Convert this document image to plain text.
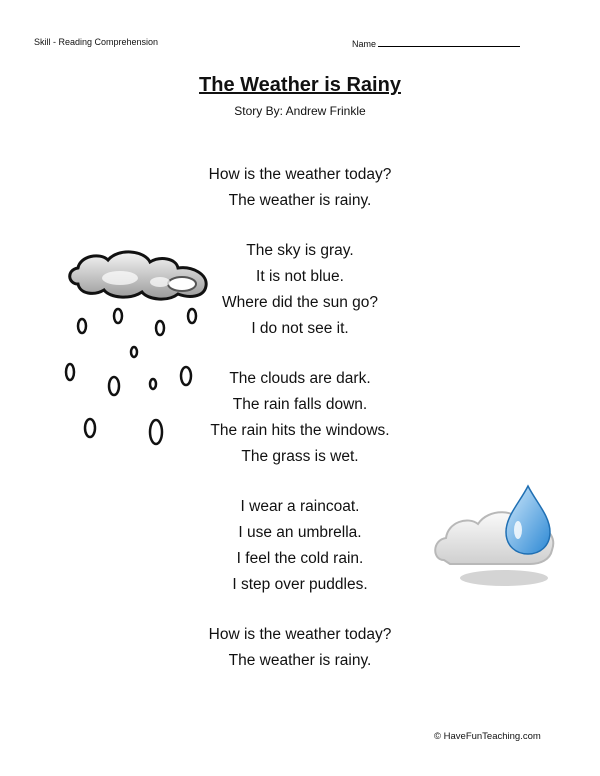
Skill - Reading Comprehension	Name
The Weather is Rainy
Story By: Andrew Frinkle
How is the weather today?
The weather is rainy.
The sky is gray.
It is not blue.
Where did the sun go?
I do not see it.
The clouds are dark.
The rain falls down.
The rain hits the windows.
The grass is wet.
I wear a raincoat.
I use an umbrella.
I feel the cold rain.
I step over puddles.
How is the weather today?
The weather is rainy.
© HaveFunTeaching.com
